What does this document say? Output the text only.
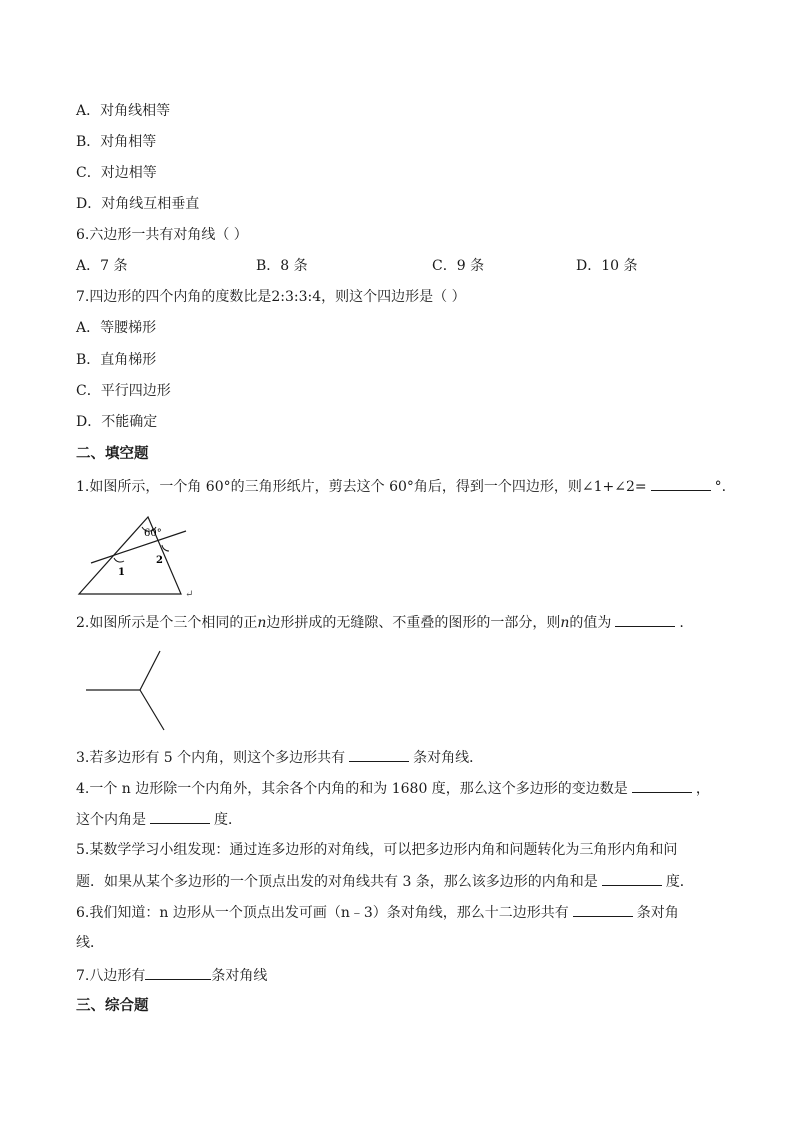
A．对角线相等
B．对角相等
C．对边相等
D．对角线互相垂直
6.六边形一共有对角线（ ）
A．7 条	B．8 条	C．9 条	D．10 条
7.四边形的四个内角的度数比是2:3:3:4，则这个四边形是（ ）
A．等腰梯形
B．直角梯形
C．平行四边形
D．不能确定
二、填空题
1.如图所示，一个角 60°的三角形纸片，剪去这个 60°角后，得到一个四边形，则∠1+∠2=	°.
60°
1
2
↵
2.如图所示是个三个相同的正n边形拼成的无缝隙、不重叠的图形的一部分，则n的值为	.
3.若多边形有 5 个内角，则这个多边形共有	条对角线．
4.一个 n 边形除一个内角外，其余各个内角的和为 1680 度，那么这个多边形的变边数是	，
这个内角是	度．
5.某数学学习小组发现：通过连多边形的对角线，可以把多边形内角和问题转化为三角形内角和问
题．如果从某个多边形的一个顶点出发的对角线共有 3 条，那么该多边形的内角和是	度．
6.我们知道：n 边形从一个顶点出发可画（n﹣3）条对角线，那么十二边形共有	条对角
线．
7.八边形有	条对角线
三、综合题
